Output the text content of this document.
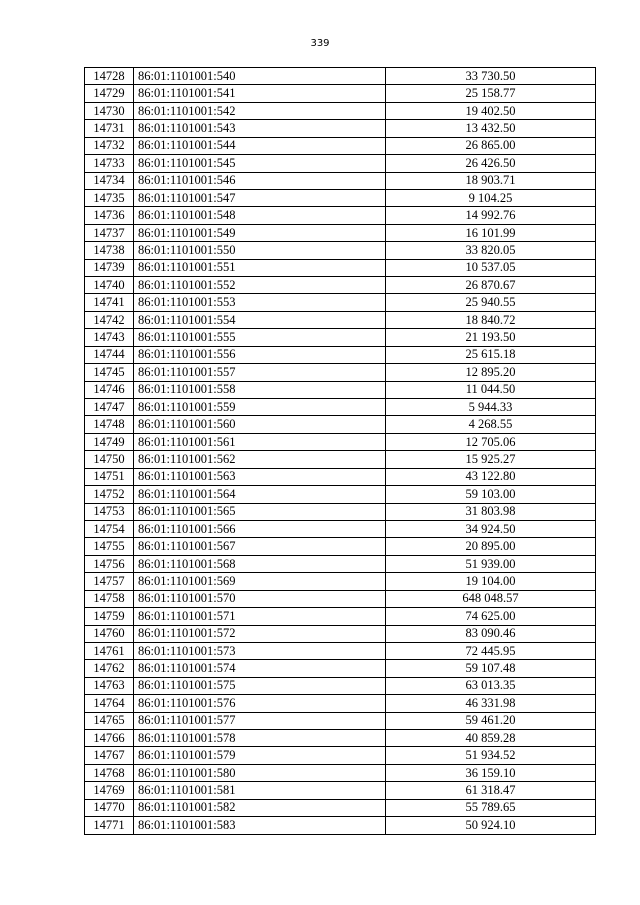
339
14728	86:01:1101001:540	33 730.50
14729	86:01:1101001:541	25 158.77
14730	86:01:1101001:542	19 402.50
14731	86:01:1101001:543	13 432.50
14732	86:01:1101001:544	26 865.00
14733	86:01:1101001:545	26 426.50
14734	86:01:1101001:546	18 903.71
14735	86:01:1101001:547	9 104.25
14736	86:01:1101001:548	14 992.76
14737	86:01:1101001:549	16 101.99
14738	86:01:1101001:550	33 820.05
14739	86:01:1101001:551	10 537.05
14740	86:01:1101001:552	26 870.67
14741	86:01:1101001:553	25 940.55
14742	86:01:1101001:554	18 840.72
14743	86:01:1101001:555	21 193.50
14744	86:01:1101001:556	25 615.18
14745	86:01:1101001:557	12 895.20
14746	86:01:1101001:558	11 044.50
14747	86:01:1101001:559	5 944.33
14748	86:01:1101001:560	4 268.55
14749	86:01:1101001:561	12 705.06
14750	86:01:1101001:562	15 925.27
14751	86:01:1101001:563	43 122.80
14752	86:01:1101001:564	59 103.00
14753	86:01:1101001:565	31 803.98
14754	86:01:1101001:566	34 924.50
14755	86:01:1101001:567	20 895.00
14756	86:01:1101001:568	51 939.00
14757	86:01:1101001:569	19 104.00
14758	86:01:1101001:570	648 048.57
14759	86:01:1101001:571	74 625.00
14760	86:01:1101001:572	83 090.46
14761	86:01:1101001:573	72 445.95
14762	86:01:1101001:574	59 107.48
14763	86:01:1101001:575	63 013.35
14764	86:01:1101001:576	46 331.98
14765	86:01:1101001:577	59 461.20
14766	86:01:1101001:578	40 859.28
14767	86:01:1101001:579	51 934.52
14768	86:01:1101001:580	36 159.10
14769	86:01:1101001:581	61 318.47
14770	86:01:1101001:582	55 789.65
14771	86:01:1101001:583	50 924.10
